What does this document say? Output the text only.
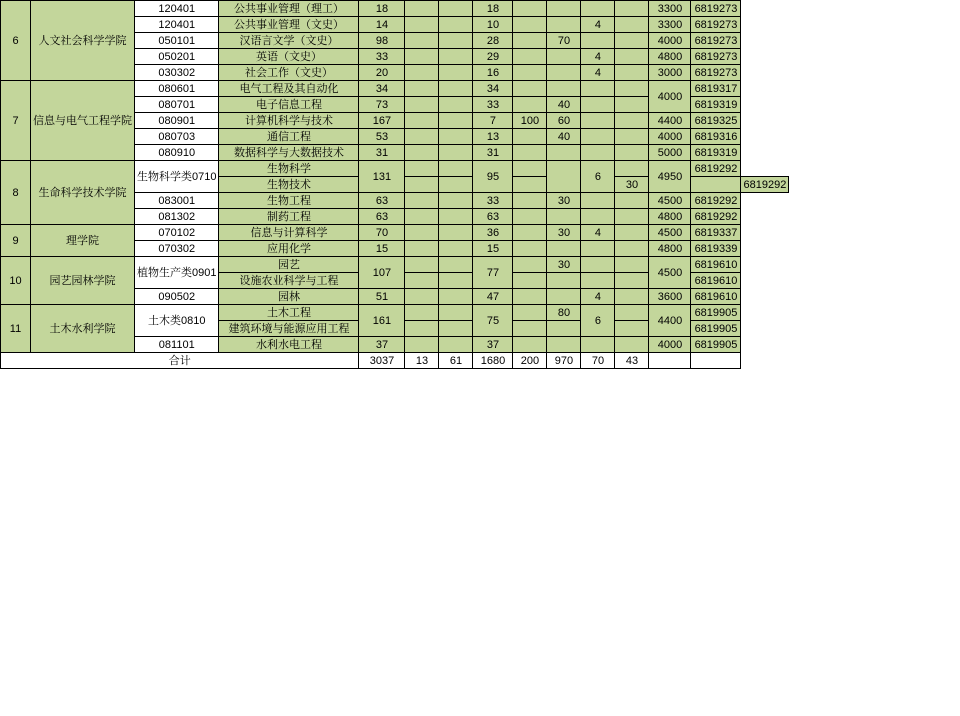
6	人文社会科学学院	120401	公共事业管理（理工）	18			18					3300	6819273	
		120401	公共事业管理（文史）	14			10			4		3300	6819273	
		050101	汉语言文学（文史）	98			28		70			4000	6819273	
		050201	英语（文史）	33			29			4		4800	6819273	
		030302	社会工作（文史）	20			16			4		3000	6819273	
7	信息与电气工程学院	080601	电气工程及其自动化	34			34					4000	6819317	
		080701	电子信息工程	73			33		40				6819319	
		080901	计算机科学与技术	167			7	100	60			4400	6819325	
		080703	通信工程	53			13		40			4000	6819316	
		080910	数据科学与大数据技术	31			31					5000	6819319	
8	生命科学技术学院	生物科学类0710	生物科学	131			95			6		4950	6819292	
			生物技术								30			6819292
		083001	生物工程	63			33		30			4500	6819292	
		081302	制药工程	63			63					4800	6819292	
9	理学院	070102	信息与计算科学	70			36		30	4		4500	6819337	
		070302	应用化学	15			15					4800	6819339	
10	园艺园林学院	植物生产类0901	园艺	107			77		30			4500	6819610	
			设施农业科学与工程										6819610	
		090502	园林	51			47			4		3600	6819610	
11	土木水利学院	土木类0810	土木工程	161			75		80	6		4400	6819905	
			建筑环境与能源应用工程										6819905	
		081101	水利水电工程	37			37					4000	6819905	
合计				3037	13	61	1680	200	970	70	43			
